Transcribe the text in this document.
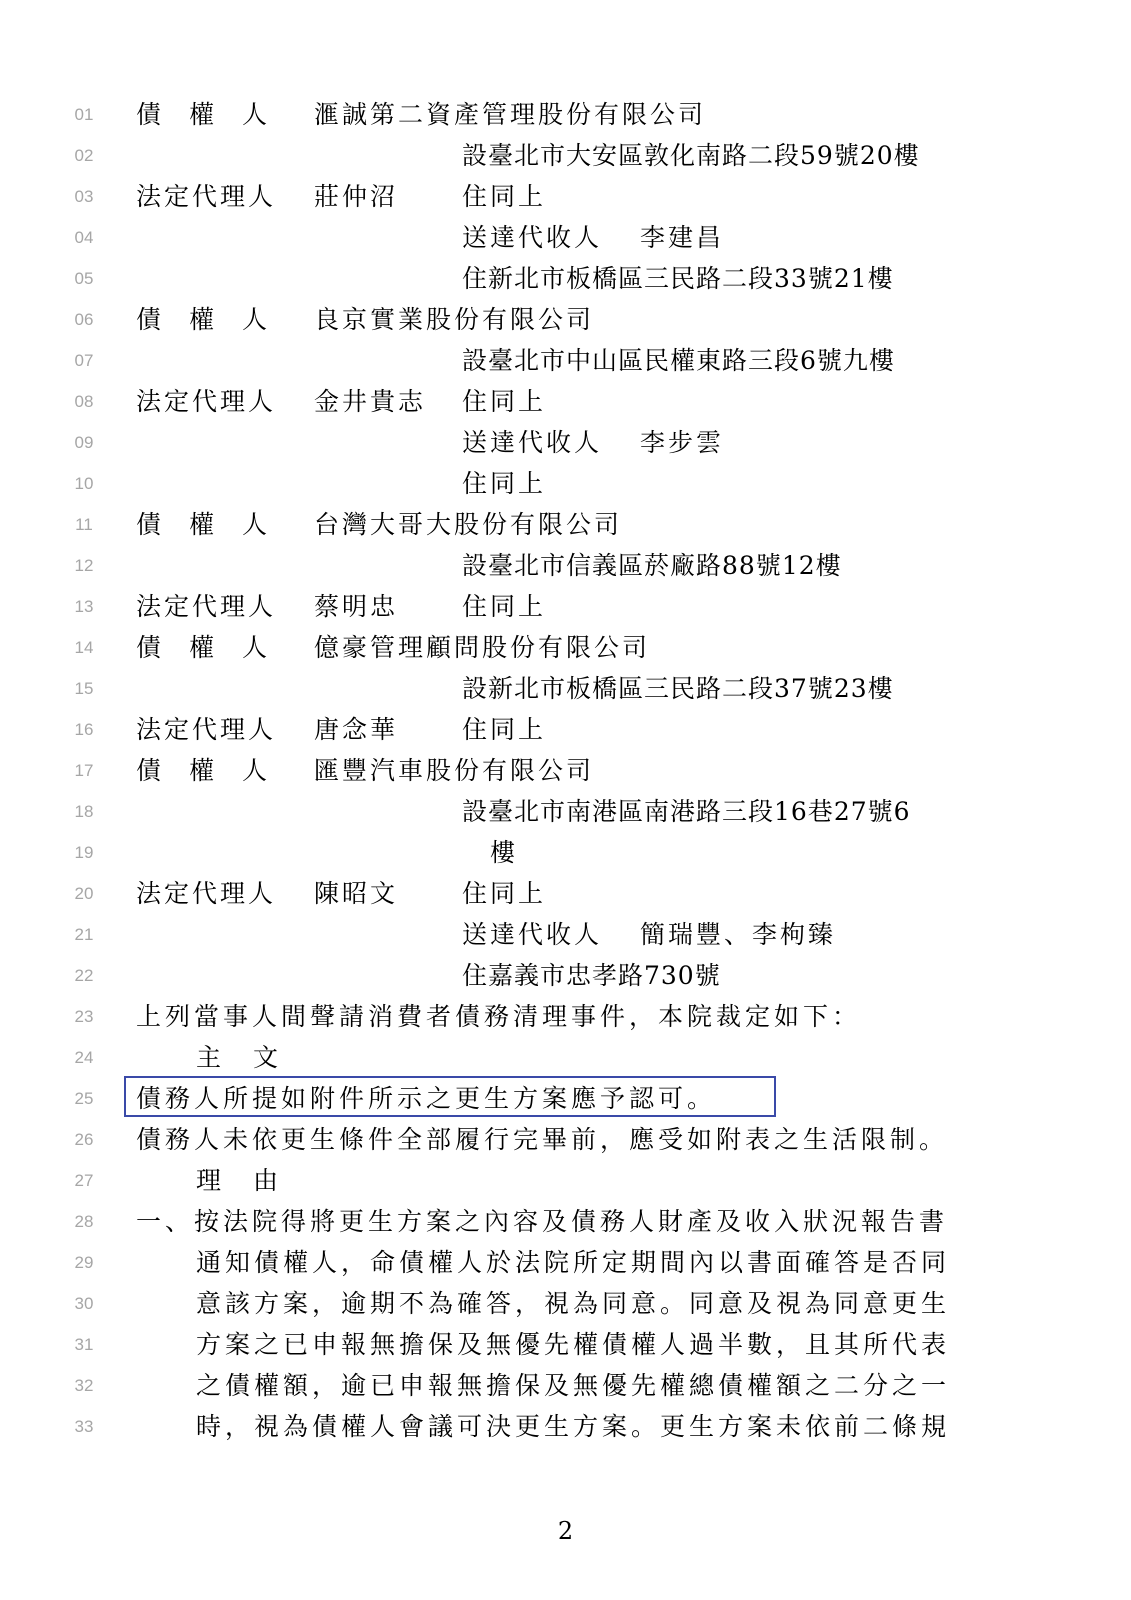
01
02
03
04
05
06
07
08
09
10
11
12
13
14
15
16
17
18
19
20
21
22
23
24
25
26
27
28
29
30
31
32
33
債權人 滙誠第二資產管理股份有限公司
設臺北市大安區敦化南路二段59號20樓
法定代理人 莊仲沼	住同上
送達代收人 李建昌
住新北市板橋區三民路二段33號21樓
債權人 良京實業股份有限公司
設臺北市中山區民權東路三段6號九樓
法定代理人 金井貴志 住同上
送達代收人 李步雲
住同上
債權人 台灣大哥大股份有限公司
設臺北市信義區菸廠路88號12樓
法定代理人 蔡明忠	住同上
債權人 億豪管理顧問股份有限公司
設新北市板橋區三民路二段37號23樓
法定代理人 唐念華	住同上
債權人 匯豐汽車股份有限公司
設臺北市南港區南港路三段16巷27號6
樓
法定代理人 陳昭文	住同上
送達代收人 簡瑞豐、李枸臻
住嘉義市忠孝路730號
上列當事人間聲請消費者債務清理事件，本院裁定如下：
主文
債務人所提如附件所示之更生方案應予認可。
債務人未依更生條件全部履行完畢前，應受如附表之生活限制。
理由
一、按法院得將更生方案之內容及債務人財產及收入狀況報告書
通知債權人，命債權人於法院所定期間內以書面確答是否同
意該方案，逾期不為確答，視為同意。同意及視為同意更生
方案之已申報無擔保及無優先權債權人過半數，且其所代表
之債權額，逾已申報無擔保及無優先權總債權額之二分之一
時，視為債權人會議可決更生方案。更生方案未依前二條規
2
